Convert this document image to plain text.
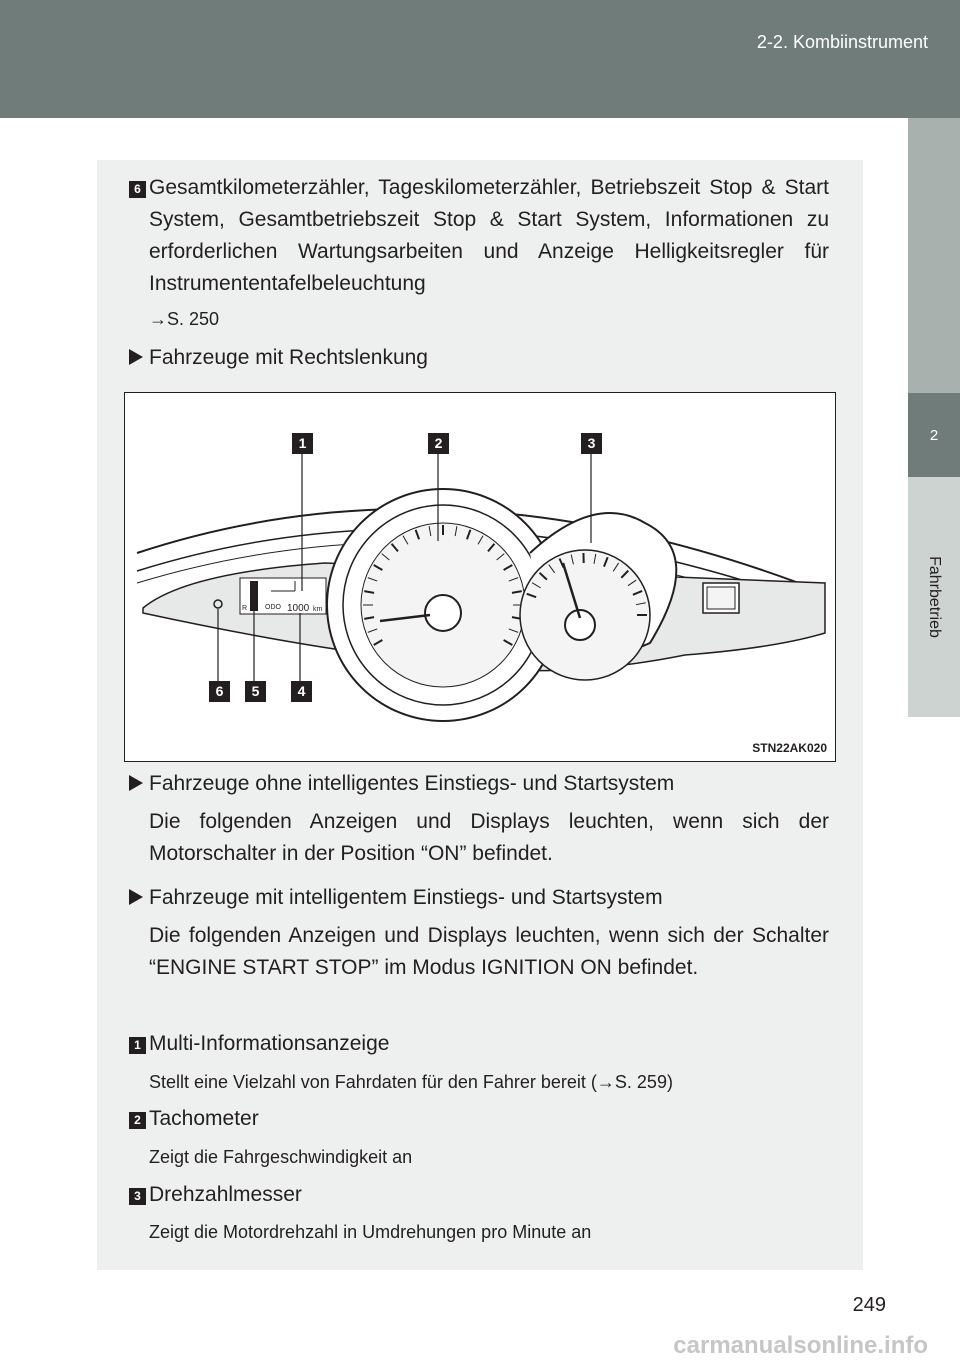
2-2. Kombiinstrument
2
Fahrbetrieb
6 Gesamtkilometerzähler, Tageskilometerzähler, Betriebszeit Stop & Start System, Gesamtbetriebszeit Stop & Start System, Informationen zu erforderlichen Wartungsarbeiten und Anzeige Helligkeitsregler für Instrumententafelbeleuchtung
→S. 250
Fahrzeuge mit Rechtslenkung
ODO 1000 km
R
1	2	3
6	5	4
STN22AK020
Fahrzeuge ohne intelligentes Einstiegs- und Startsystem
Die folgenden Anzeigen und Displays leuchten, wenn sich der Motorschalter in der Position “ON” befindet.
Fahrzeuge mit intelligentem Einstiegs- und Startsystem
Die folgenden Anzeigen und Displays leuchten, wenn sich der Schalter “ENGINE START STOP” im Modus IGNITION ON befindet.
1 Multi-Informationsanzeige
Stellt eine Vielzahl von Fahrdaten für den Fahrer bereit (→S. 259)
2 Tachometer
Zeigt die Fahrgeschwindigkeit an
3 Drehzahlmesser
Zeigt die Motordrehzahl in Umdrehungen pro Minute an
249
carmanualsonline.info
